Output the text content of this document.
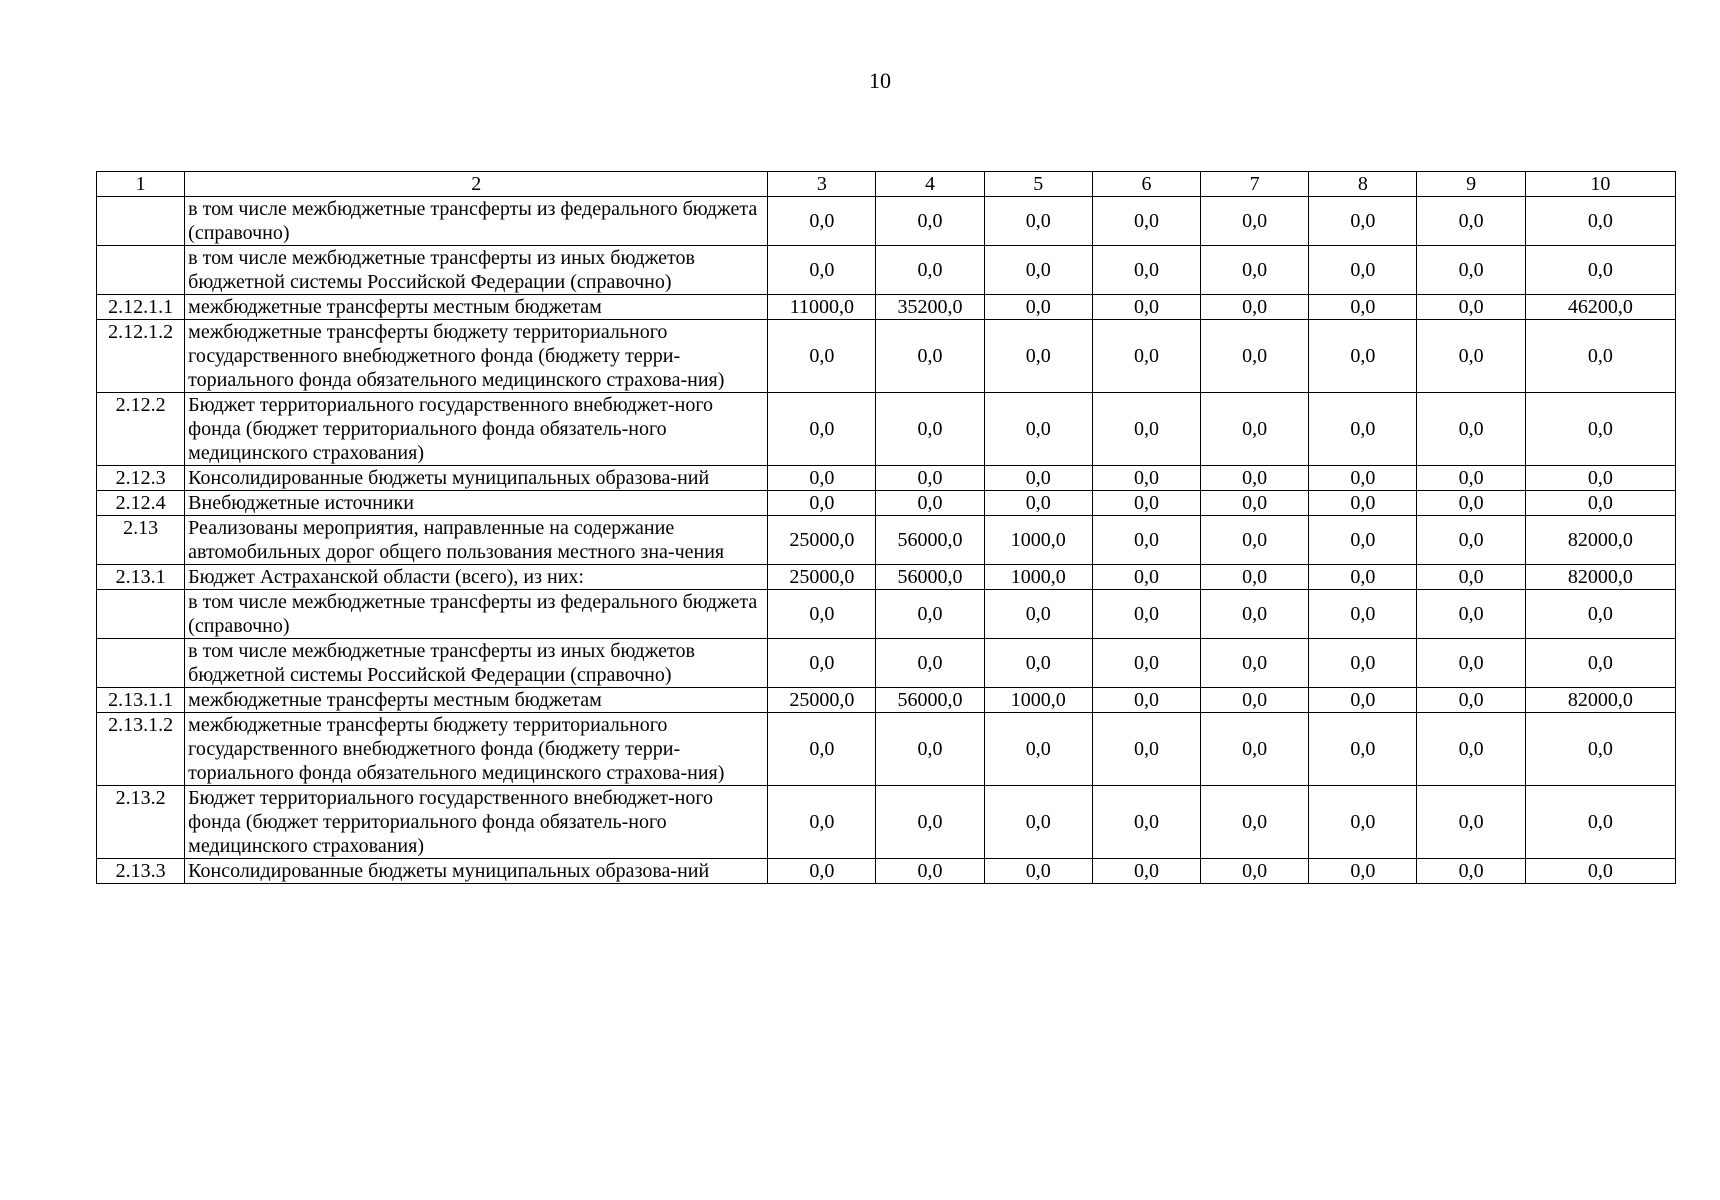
10
1	2	3	4	5	6	7	8	9	10
	в том числе межбюджетные трансферты из федерального бюджета (справочно)	0,0	0,0	0,0	0,0	0,0	0,0	0,0	0,0
	в том числе межбюджетные трансферты из иных бюджетов бюджетной системы Российской Федерации (справочно)	0,0	0,0	0,0	0,0	0,0	0,0	0,0	0,0
2.12.1.1	межбюджетные трансферты местным бюджетам	11000,0	35200,0	0,0	0,0	0,0	0,0	0,0	46200,0
2.12.1.2	межбюджетные трансферты бюджету территориального государственного внебюджетного фонда (бюджету терри-ториального фонда обязательного медицинского страхова-ния)	0,0	0,0	0,0	0,0	0,0	0,0	0,0	0,0
2.12.2	Бюджет территориального государственного внебюджет-ного фонда (бюджет территориального фонда обязатель-ного медицинского страхования)	0,0	0,0	0,0	0,0	0,0	0,0	0,0	0,0
2.12.3	Консолидированные бюджеты муниципальных образова-ний	0,0	0,0	0,0	0,0	0,0	0,0	0,0	0,0
2.12.4	Внебюджетные источники	0,0	0,0	0,0	0,0	0,0	0,0	0,0	0,0
2.13	Реализованы мероприятия, направленные на содержание автомобильных дорог общего пользования местного зна-чения	25000,0	56000,0	1000,0	0,0	0,0	0,0	0,0	82000,0
2.13.1	Бюджет Астраханской области (всего), из них:	25000,0	56000,0	1000,0	0,0	0,0	0,0	0,0	82000,0
	в том числе межбюджетные трансферты из федерального бюджета (справочно)	0,0	0,0	0,0	0,0	0,0	0,0	0,0	0,0
	в том числе межбюджетные трансферты из иных бюджетов бюджетной системы Российской Федерации (справочно)	0,0	0,0	0,0	0,0	0,0	0,0	0,0	0,0
2.13.1.1	межбюджетные трансферты местным бюджетам	25000,0	56000,0	1000,0	0,0	0,0	0,0	0,0	82000,0
2.13.1.2	межбюджетные трансферты бюджету территориального государственного внебюджетного фонда (бюджету терри-ториального фонда обязательного медицинского страхова-ния)	0,0	0,0	0,0	0,0	0,0	0,0	0,0	0,0
2.13.2	Бюджет территориального государственного внебюджет-ного фонда (бюджет территориального фонда обязатель-ного медицинского страхования)	0,0	0,0	0,0	0,0	0,0	0,0	0,0	0,0
2.13.3	Консолидированные бюджеты муниципальных образова-ний	0,0	0,0	0,0	0,0	0,0	0,0	0,0	0,0
